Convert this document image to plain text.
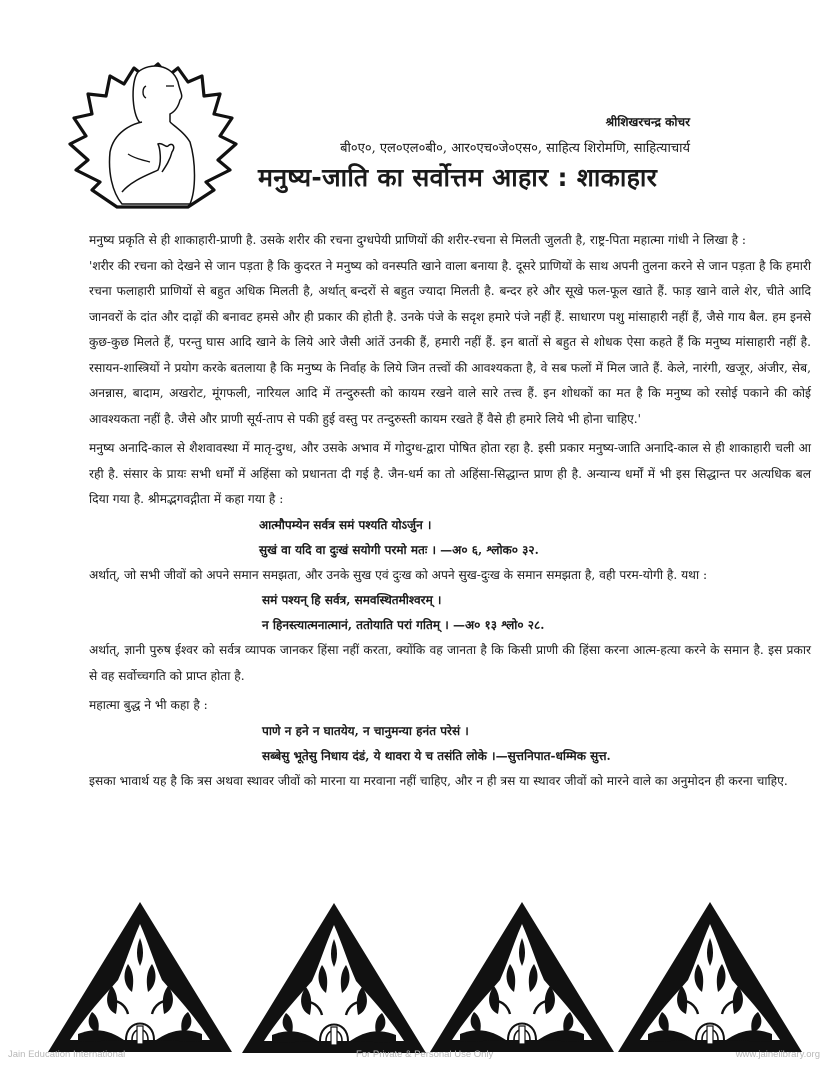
श्रीशिखरचन्द्र कोचर
बी०ए०, एल०एल०बी०, आर०एच०जे०एस०, साहित्य शिरोमणि, साहित्याचार्य
मनुष्य-जाति का सर्वोत्तम आहार : शाकाहार

मनुष्य प्रकृति से ही शाकाहारी-प्राणी है. उसके शरीर की रचना दुग्धपेयी प्राणियों की शरीर-रचना से मिलती जुलती है, राष्ट्र-पिता महात्मा गांधी ने लिखा है :

'शरीर की रचना को देखने से जान पड़ता है कि कुदरत ने मनुष्य को वनस्पति खाने वाला बनाया है. दूसरे प्राणियों के साथ अपनी तुलना करने से जान पड़ता है कि हमारी रचना फलाहारी प्राणियों से बहुत अधिक मिलती है, अर्थात् बन्दरों से बहुत ज्यादा मिलती है. बन्दर हरे और सूखे फल-फूल खाते हैं. फाड़ खाने वाले शेर, चीते आदि जानवरों के दांत और दाढ़ों की बनावट हमसे और ही प्रकार की होती है. उनके पंजे के सदृश हमारे पंजे नहीं हैं. साधारण पशु मांसाहारी नहीं हैं, जैसे गाय बैल. हम इनसे कुछ-कुछ मिलते हैं, परन्तु घास आदि खाने के लिये आरे जैसी आंतें उनकी हैं, हमारी नहीं हैं. इन बातों से बहुत से शोधक ऐसा कहते हैं कि मनुष्य मांसाहारी नहीं है. रसायन-शास्त्रियों ने प्रयोग करके बतलाया है कि मनुष्य के निर्वाह के लिये जिन तत्त्वों की आवश्यकता है, वे सब फलों में मिल जाते हैं. केले, नारंगी, खजूर, अंजीर, सेब, अनन्नास, बादाम, अखरोट, मूंगफली, नारियल आदि में तन्दुरुस्ती को कायम रखने वाले सारे तत्त्व हैं. इन शोधकों का मत है कि मनुष्य को रसोई पकाने की कोई आवश्यकता नहीं है. जैसे और प्राणी सूर्य-ताप से पकी हुई वस्तु पर तन्दुरुस्ती कायम रखते हैं वैसे ही हमारे लिये भी होना चाहिए.'

मनुष्य अनादि-काल से शैशवावस्था में मातृ-दुग्ध, और उसके अभाव में गोदुग्ध-द्वारा पोषित होता रहा है. इसी प्रकार मनुष्य-जाति अनादि-काल से ही शाकाहारी चली आ रही है. संसार के प्रायः सभी धर्मों में अहिंसा को प्रधानता दी गई है. जैन-धर्म का तो अहिंसा-सिद्धान्त प्राण ही है. अन्यान्य धर्मों में भी इस सिद्धान्त पर अत्यधिक बल दिया गया है. श्रीमद्भगवद्गीता में कहा गया है :

आत्मौपम्येन सर्वत्र समं पश्यति योऽर्जुन ।

सुखं वा यदि वा दुःखं सयोगी परमो मतः । —अ० ६, श्लोक० ३२.

अर्थात्, जो सभी जीवों को अपने समान समझता, और उनके सुख एवं दुःख को अपने सुख-दुःख के समान समझता है, वही परम-योगी है. यथा :

समं पश्यन् हि सर्वत्र, समवस्थितमीश्वरम् ।

न हिनस्त्यात्मनात्मानं, ततोयाति परां गतिम् । —अ० १३ श्लो० २८.

अर्थात्, ज्ञानी पुरुष ईश्वर को सर्वत्र व्यापक जानकर हिंसा नहीं करता, क्योंकि वह जानता है कि किसी प्राणी की हिंसा करना आत्म-हत्या करने के समान है. इस प्रकार से वह सर्वोच्चगति को प्राप्त होता है.

महात्मा बुद्ध ने भी कहा है :

पाणे न हने न घातयेय, न चानुमन्या हनंत परेसं ।

सब्बेसु भूतेसु निधाय दंडं, ये थावरा ये च तसंति लोके ।—सुत्तनिपात-धम्मिक सुत्त.

इसका भावार्थ यह है कि त्रस अथवा स्थावर जीवों को मारना या मरवाना नहीं चाहिए, और न ही त्रस या स्थावर जीवों को मारने वाले का अनुमोदन ही करना चाहिए.

Jain Education International	For Private & Personal Use Only	www.jainelibrary.org
